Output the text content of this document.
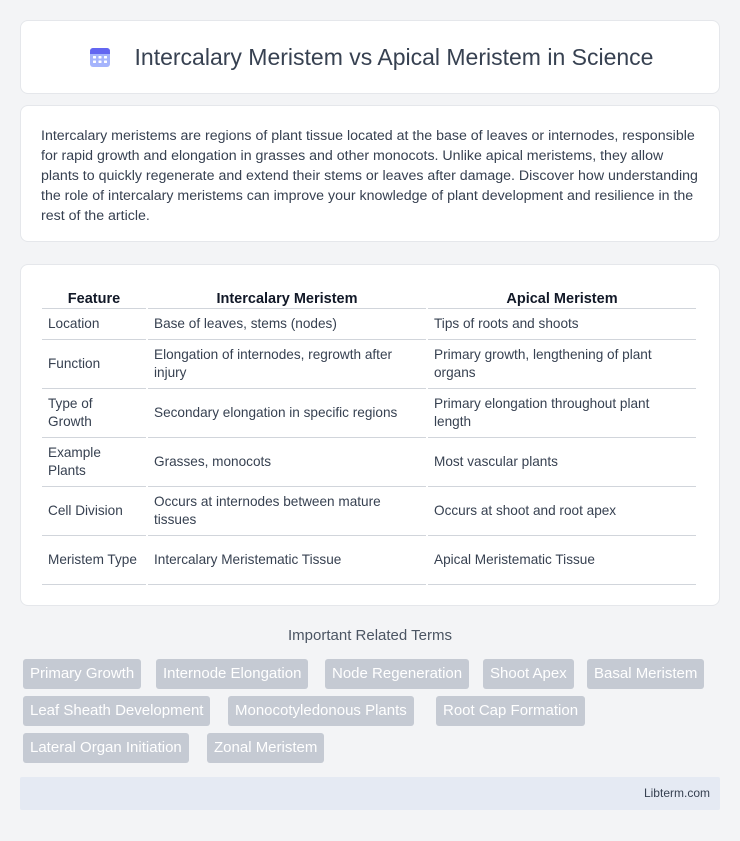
Intercalary Meristem vs Apical Meristem in Science

Intercalary meristems are regions of plant tissue located at the base of leaves or internodes, responsible for rapid growth and elongation in grasses and other monocots. Unlike apical meristems, they allow plants to quickly regenerate and extend their stems or leaves after damage. Discover how understanding the role of intercalary meristems can improve your knowledge of plant development and resilience in the rest of the article.

Feature	Intercalary Meristem	Apical Meristem
Location	Base of leaves, stems (nodes)	Tips of roots and shoots
Function	Elongation of internodes, regrowth after injury	Primary growth, lengthening of plant organs
Type of Growth	Secondary elongation in specific regions	Primary elongation throughout plant length
Example Plants	Grasses, monocots	Most vascular plants
Cell Division	Occurs at internodes between mature tissues	Occurs at shoot and root apex
Meristem Type	Intercalary Meristematic Tissue	Apical Meristematic Tissue
Important Related Terms
Primary Growth	Internode Elongation	Node Regeneration	Shoot Apex	Basal Meristem
Leaf Sheath Development	Monocotyledonous Plants	Root Cap Formation
Lateral Organ Initiation	Zonal Meristem
Libterm.com
